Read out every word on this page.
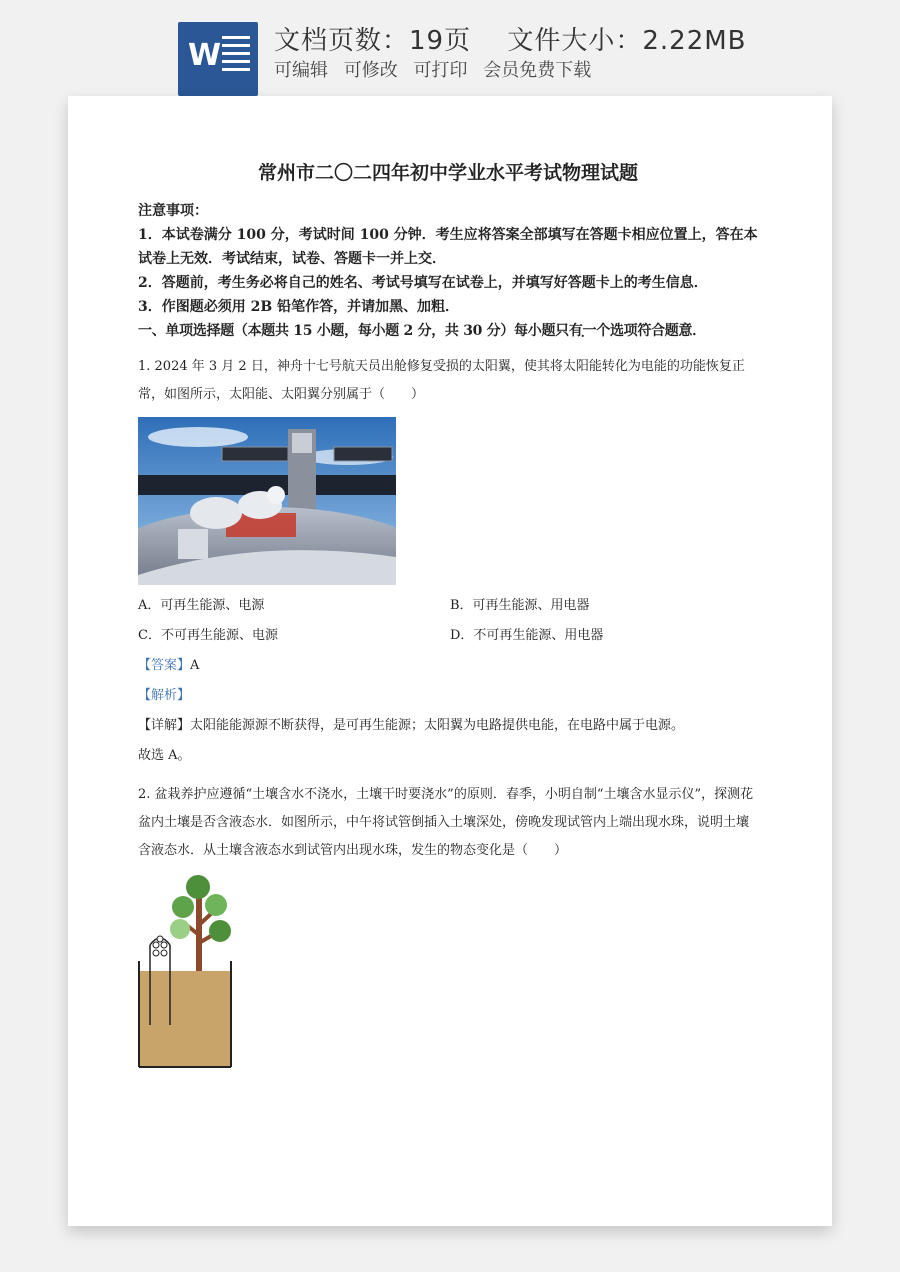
W 文档页数：19页　 文件大小：2.22MB
可编辑 可修改 可打印 会员免费下载
常州市二〇二四年初中学业水平考试物理试题
注意事项：
1．本试卷满分 100 分，考试时间 100 分钟．考生应将答案全部填写在答题卡相应位置上，答在本试卷上无效．考试结束，试卷、答题卡一并上交．
2．答题前，考生务必将自己的姓名、考试号填写在试卷上，并填写好答题卡上的考生信息．
3．作图题必须用 2B 铅笔作答，并请加黑、加粗．
一、单项选择题（本题共 15 小题，每小题 2 分，共 30 分）每小题只有一个选项符合题意．
1. 2024 年 3 月 2 日，神舟十七号航天员出舱修复受损的太阳翼，使其将太阳能转化为电能的功能恢复正常，如图所示，太阳能、太阳翼分别属于（　　）
A．可再生能源、电源	B．可再生能源、用电器
C．不可再生能源、电源	D．不可再生能源、用电器
【答案】A
【解析】
【详解】太阳能能源源不断获得，是可再生能源；太阳翼为电路提供电能，在电路中属于电源。
故选 A。
2. 盆栽养护应遵循“土壤含水不浇水，土壤干时要浇水”的原则．春季，小明自制“土壤含水显示仪”，探测花盆内土壤是否含液态水．如图所示，中午将试管倒插入土壤深处，傍晚发现试管内上端出现水珠，说明土壤含液态水．从土壤含液态水到试管内出现水珠，发生的物态变化是（　　）
